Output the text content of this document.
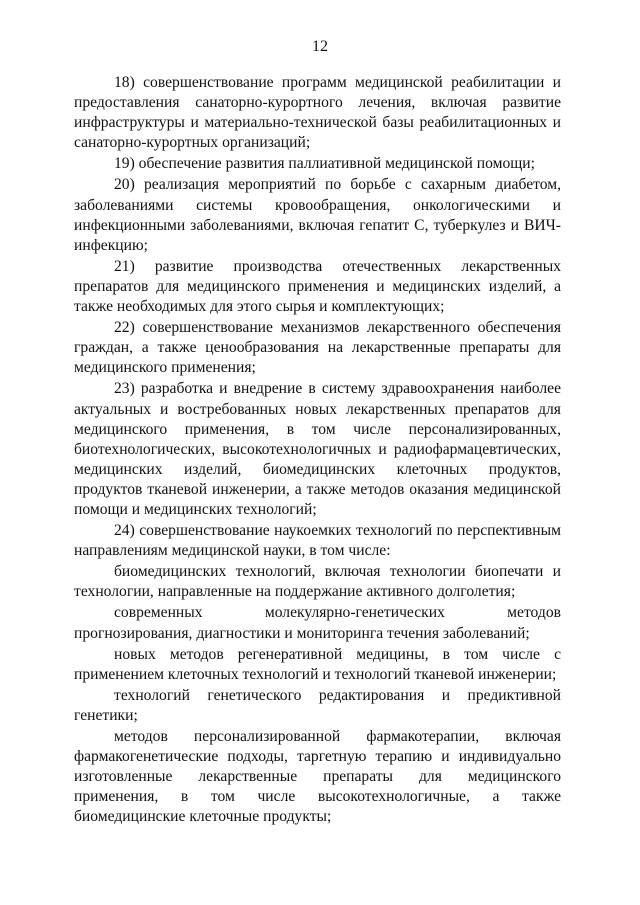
12

18) совершенствование программ медицинской реабилитации и предоставления санаторно-курортного лечения, включая развитие инфраструктуры и материально-технической базы реабилитационных и санаторно-курортных организаций;

19) обеспечение развития паллиативной медицинской помощи;

20) реализация мероприятий по борьбе с сахарным диабетом, заболеваниями системы кровообращения, онкологическими и инфекционными заболеваниями, включая гепатит С, туберкулез и ВИЧ-инфекцию;

21) развитие производства отечественных лекарственных препаратов для медицинского применения и медицинских изделий, а также необходимых для этого сырья и комплектующих;

22) совершенствование механизмов лекарственного обеспечения граждан, а также ценообразования на лекарственные препараты для медицинского применения;

23) разработка и внедрение в систему здравоохранения наиболее актуальных и востребованных новых лекарственных препаратов для медицинского применения, в том числе персонализированных, биотехнологических, высокотехнологичных и радиофармацевтических, медицинских изделий, биомедицинских клеточных продуктов, продуктов тканевой инженерии, а также методов оказания медицинской помощи и медицинских технологий;

24) совершенствование наукоемких технологий по перспективным направлениям медицинской науки, в том числе:

биомедицинских технологий, включая технологии биопечати и технологии, направленные на поддержание активного долголетия;

современных молекулярно-генетических методов прогнозирования, диагностики и мониторинга течения заболеваний;

новых методов регенеративной медицины, в том числе с применением клеточных технологий и технологий тканевой инженерии;

технологий генетического редактирования и предиктивной генетики;

методов персонализированной фармакотерапии, включая фармакогенетические подходы, таргетную терапию и индивидуально изготовленные лекарственные препараты для медицинского применения, в том числе высокотехнологичные, а также биомедицинские клеточные продукты;
